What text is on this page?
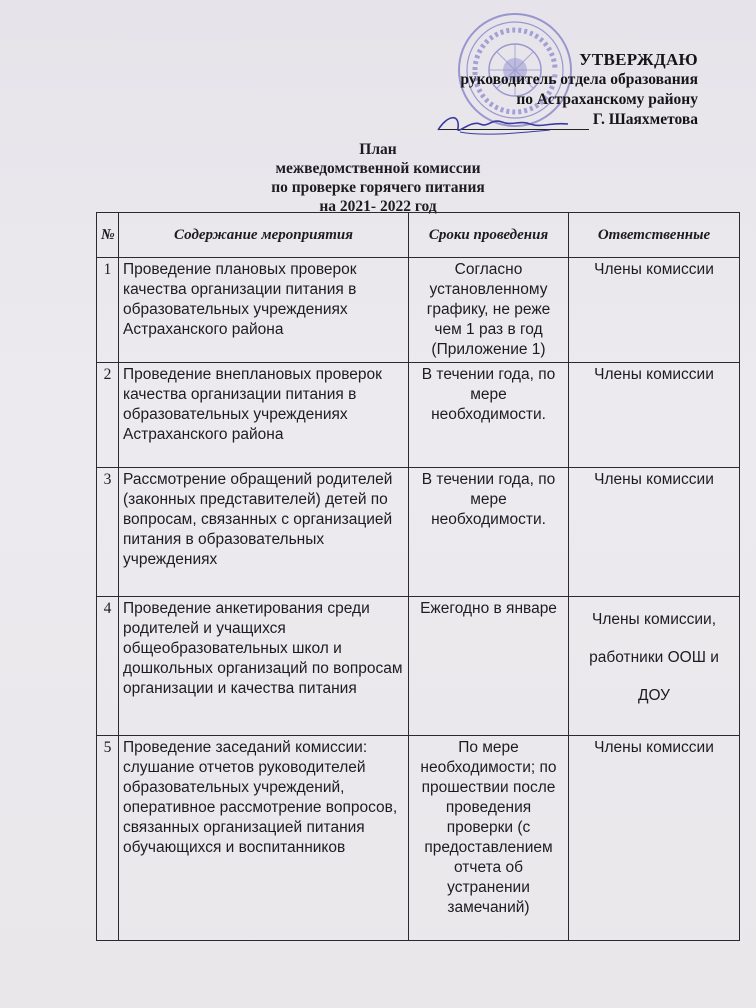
УТВЕРЖДАЮ
руководитель отдела образования
по Астраханскому району
Г. Шаяхметова
План
межведомственной комиссии
по проверке горячего питания
на 2021- 2022 год
№	Содержание мероприятия	Сроки проведения	Ответственные
1	Проведение плановых проверок качества организации питания в образовательных учреждениях Астраханского района	Согласно установленному графику, не реже чем 1 раз в год (Приложение 1)	Члены комиссии
2	Проведение внеплановых проверок качества организации питания в образовательных учреждениях Астраханского района	В течении года, по мере необходимости.	Члены комиссии
3	Рассмотрение обращений родителей (законных представителей) детей по вопросам, связанных с организацией питания в образовательных учреждениях	В течении года, по мере необходимости.	Члены комиссии
4	Проведение анкетирования среди родителей и учащихся общеобразовательных школ и дошкольных организаций по вопросам организации и качества питания	Ежегодно в январе	Члены комиссии, работники ООШ и ДОУ
5	Проведение заседаний комиссии: слушание отчетов руководителей образовательных учреждений, оперативное рассмотрение вопросов, связанных организацией питания обучающихся и воспитанников	По мере необходимости; по прошествии после проведения проверки (с предоставлением отчета об устранении замечаний)	Члены комиссии
